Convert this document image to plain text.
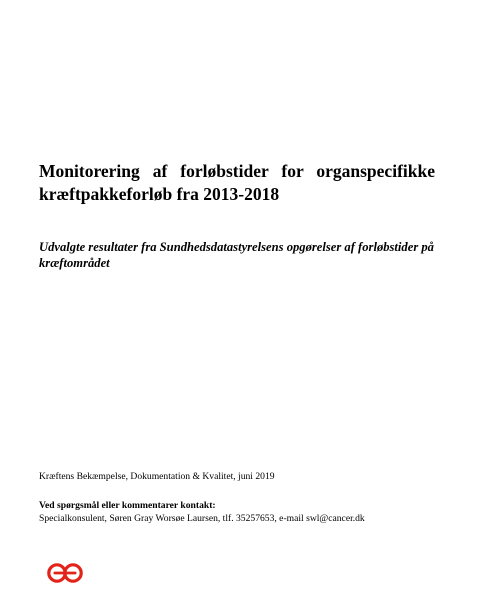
Monitorering af forløbstider for organspecifikke kræftpakkeforløb fra 2013-2018

Udvalgte resultater fra Sundhedsdatastyrelsens opgørelser af forløbstider på kræftområdet

Kræftens Bekæmpelse, Dokumentation & Kvalitet, juni 2019

Ved spørgsmål eller kommentarer kontakt:

Specialkonsulent, Søren Gray Worsøe Laursen, tlf. 35257653, e-mail swl@cancer.dk
